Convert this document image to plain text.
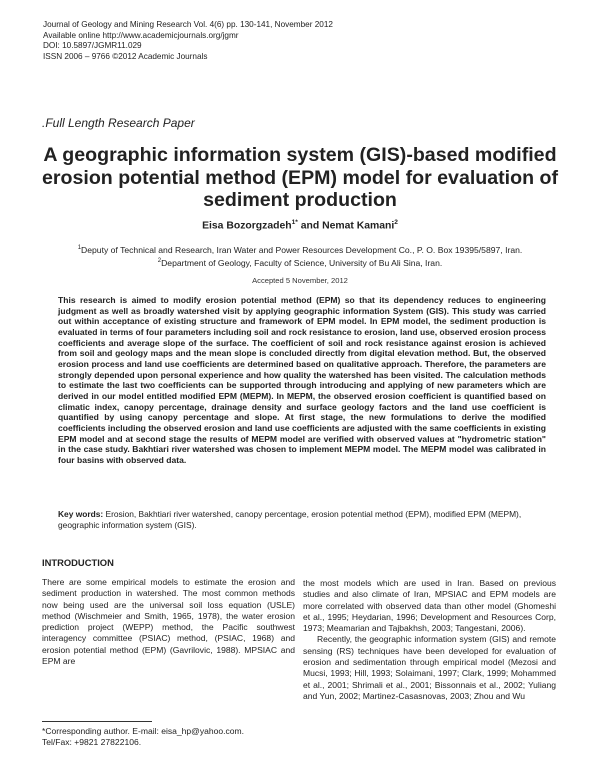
Journal of Geology and Mining Research Vol. 4(6) pp. 130-141, November 2012
Available online http://www.academicjournals.org/jgmr
DOI: 10.5897/JGMR11.029
ISSN 2006 – 9766 ©2012 Academic Journals
.Full Length Research Paper
A geographic information system (GIS)-based modified
erosion potential method (EPM) model for evaluation of
sediment production
Eisa Bozorgzadeh$^{1*}$ and Nemat Kamani$^2$
$^1$Deputy of Technical and Research, Iran Water and Power Resources Development Co., P. O. Box 19395/5897, Iran.
$^2$Department of Geology, Faculty of Science, University of Bu Ali Sina, Iran.
Accepted 5 November, 2012
This research is aimed to modify erosion potential method (EPM) so that its dependency reduces to engineering judgment as well as broadly watershed visit by applying geographic information System (GIS). This study was carried out within acceptance of existing structure and framework of EPM model. In EPM model, the sediment production is evaluated in terms of four parameters including soil and rock resistance to erosion, land use, observed erosion process coefficients and average slope of the surface. The coefficient of soil and rock resistance against erosion is achieved from soil and geology maps and the mean slope is concluded directly from digital elevation method. But, the observed erosion process and land use coefficients are determined based on qualitative approach. Therefore, the parameters are strongly depended upon personal experience and how quality the watershed has been visited. The calculation methods to estimate the last two coefficients can be supported through introducing and applying of new parameters which are derived in our model entitled modified EPM (MEPM). In MEPM, the observed erosion coefficient is quantified based on climatic index, canopy percentage, drainage density and surface geology factors and the land use coefficient is quantified by using canopy percentage and slope. At first stage, the new formulations to derive the modified coefficients including the observed erosion and land use coefficients are adjusted with the same coefficients in existing EPM model and at second stage the results of MEPM model are verified with observed values at "hydrometric station" in the case study. Bakhtiari river watershed was chosen to implement MEPM model. The MEPM model was calibrated in four basins with observed data.
Key words: Erosion, Bakhtiari river watershed, canopy percentage, erosion potential method (EPM), modified EPM (MEPM), geographic information system (GIS).
INTRODUCTION

There are some empirical models to estimate the erosion and sediment production in watershed. The most common methods now being used are the universal soil loss equation (USLE) method (Wischmeier and Smith, 1965, 1978), the water erosion prediction project (WEPP) method, the Pacific southwest interagency committee (PSIAC) method, (PSIAC, 1968) and erosion potential method (EPM) (Gavrilovic, 1988). MPSIAC and EPM are

the most models which are used in Iran. Based on previous studies and also climate of Iran, MPSIAC and EPM models are more correlated with observed data than other model (Ghomeshi et al., 1995; Heydarian, 1996; Development and Resources Corp, 1973; Meamarian and Tajbakhsh, 2003; Tangestani, 2006).

Recently, the geographic information system (GIS) and remote sensing (RS) techniques have been developed for evaluation of erosion and sedimentation through empirical model (Mezosi and Mucsi, 1993; Hill, 1993; Solaimani, 1997; Clark, 1999; Mohammed et al., 2001; Shrimali et al., 2001; Bissonnais et al., 2002; Yuliang and Yun, 2002; Martinez-Casasnovas, 2003; Zhou and Wu

*Corresponding author. E-mail: eisa_hp@yahoo.com.
Tel/Fax: +9821 27822106.
